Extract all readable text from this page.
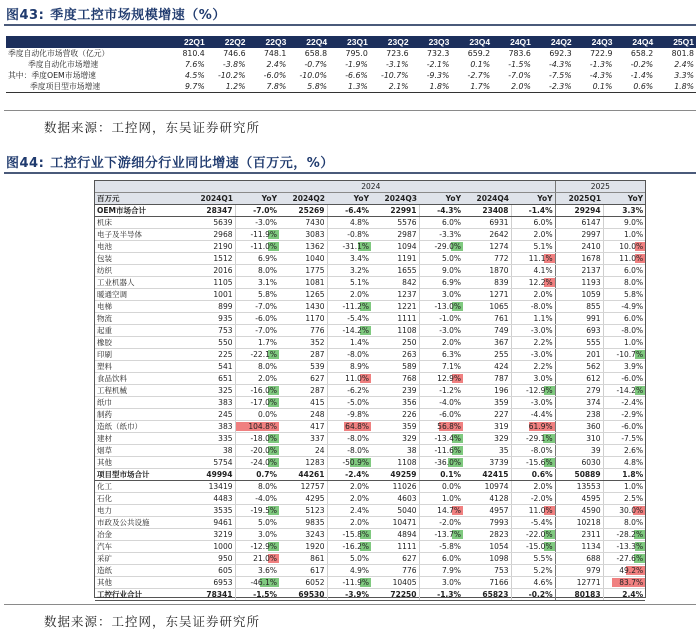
图43: 季度工控市场规模增速（%）
	22Q1	22Q2	22Q3	22Q4	23Q1	23Q2	23Q3	23Q4	24Q1	24Q2	24Q3	24Q4	25Q1
季度自动化市场营收（亿元）	810.4	746.6	748.1	658.8	795.0	723.6	732.3	659.2	783.6	692.3	722.9	658.2	801.8
季度自动化市场增速	7.6%	-3.8%	2.4%	-0.7%	-1.9%	-3.1%	-2.1%	0.1%	-1.5%	-4.3%	-1.3%	-0.2%	2.4%
其中：季度OEM市场增速	4.5%	-10.2%	-6.0%	-10.0%	-6.6%	-10.7%	-9.3%	-2.7%	-7.0%	-7.5%	-4.3%	-1.4%	3.3%
季度项目型市场增速	9.7%	1.2%	7.8%	5.8%	1.3%	2.1%	1.8%	1.7%	2.0%	-2.3%	0.1%	0.6%	1.8%
数据来源：工控网，东吴证券研究所
图44: 工控行业下游细分行业同比增速（百万元，%）
	2024								2025	
百万元	2024Q1	YoY	2024Q2	YoY	2024Q3	YoY	2024Q4	YoY	2025Q1	YoY
OEM市场合计	28347	-7.0%	25269	-6.4%	22991	-4.3%	23408	-1.4%	29294	3.3%
机床	5639	-3.0%	7430	4.8%	5576	6.0%	6931	6.0%	6147	9.0%
电子及半导体	2968	-11.9%	3083	-0.8%	2987	-3.3%	2642	2.0%	2997	1.0%
电池	2190	-11.0%	1362	-31.1%	1094	-29.0%	1274	5.1%	2410	10.0%
包装	1512	6.9%	1040	3.4%	1191	5.0%	772	11.1%	1678	11.0%
纺织	2016	8.0%	1775	3.2%	1655	9.0%	1870	4.1%	2137	6.0%
工业机器人	1105	3.1%	1081	5.1%	842	6.9%	839	12.2%	1193	8.0%
暖通空调	1001	5.8%	1265	2.0%	1237	3.0%	1271	2.0%	1059	5.8%
电梯	899	-7.0%	1430	-11.2%	1221	-13.0%	1065	-8.0%	855	-4.9%
物流	935	-6.0%	1170	-5.4%	1111	-1.0%	761	1.1%	991	6.0%
起重	753	-7.0%	776	-14.2%	1108	-3.0%	749	-3.0%	693	-8.0%
橡胶	550	1.7%	352	1.4%	250	2.0%	367	2.2%	555	1.0%
印刷	225	-22.1%	287	-8.0%	263	6.3%	255	-3.0%	201	-10.7%
塑料	541	8.0%	539	8.9%	589	7.1%	424	2.2%	562	3.9%
食品饮料	651	2.0%	627	11.0%	768	12.9%	787	3.0%	612	-6.0%
工程机械	325	-16.0%	287	-6.2%	239	-1.2%	196	-12.9%	279	-14.2%
纸巾	383	-17.0%	415	-5.0%	356	-4.0%	359	-3.0%	374	-2.4%
制药	245	0.0%	248	-9.8%	226	-6.0%	227	-4.4%	238	-2.9%
造纸（纸巾）	383	104.8%	417	64.8%	359	56.8%	319	61.9%	360	-6.0%
建材	335	-18.0%	337	-8.0%	329	-13.4%	329	-29.1%	310	-7.5%
烟草	38	-20.0%	24	-8.0%	38	-11.6%	35	-8.0%	39	2.6%
其他	5754	-24.0%	1283	-50.9%	1108	-36.0%	3739	-15.6%	6030	4.8%
项目型市场合计	49994	0.7%	44261	-2.4%	49259	0.1%	42415	0.6%	50889	1.8%
化工	13419	8.0%	12757	2.0%	11026	0.0%	10974	2.0%	13553	1.0%
石化	4483	-4.0%	4295	2.0%	4603	1.0%	4128	-2.0%	4595	2.5%
电力	3535	-19.5%	5123	2.4%	5040	14.7%	4957	11.0%	4590	30.0%
市政及公共设施	9461	5.0%	9835	2.0%	10471	-2.0%	7993	-5.4%	10218	8.0%
冶金	3219	3.0%	3243	-15.8%	4894	-13.7%	2823	-22.0%	2311	-28.2%
汽车	1000	-12.9%	1920	-16.2%	1111	-5.8%	1054	-15.0%	1134	-13.3%
采矿	950	21.0%	861	5.0%	627	6.0%	1098	5.5%	688	-27.6%
造纸	605	3.6%	617	4.9%	776	7.9%	753	5.2%	979	49.2%
其他	6953	-46.1%	6052	-11.9%	10405	3.0%	7166	4.6%	12771	83.7%
工控行业合计	78341	-1.5%	69530	-3.9%	72250	-1.3%	65823	-0.2%	80183	2.4%
数据来源：工控网，东吴证券研究所
